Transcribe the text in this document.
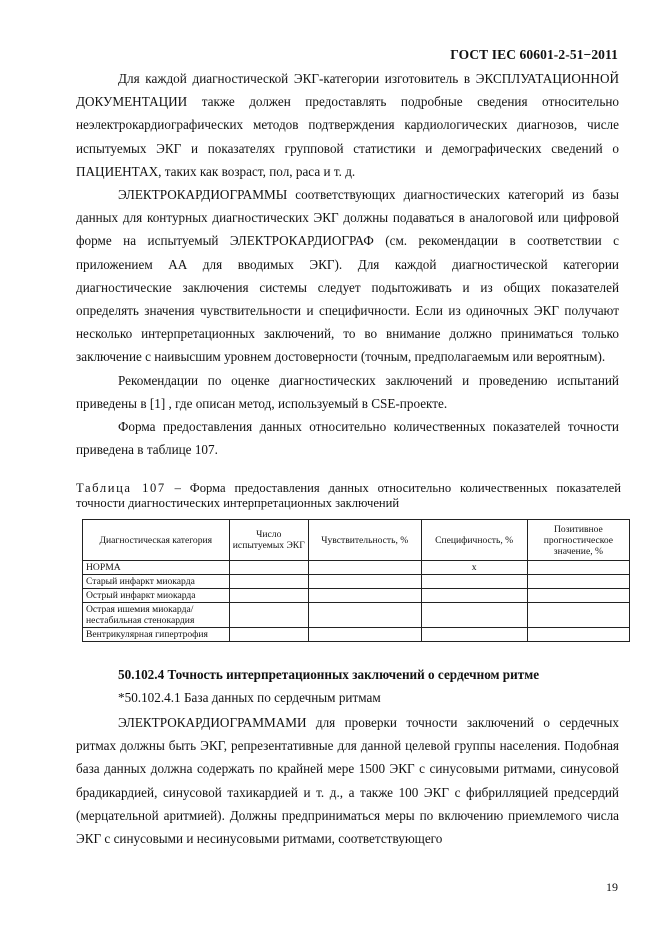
ГОСТ IEC 60601-2-51−2011

Для каждой диагностической ЭКГ-категории изготовитель в ЭКСПЛУАТАЦИОННОЙ ДОКУМЕНТАЦИИ также должен предоставлять подробные сведения относительно неэлектрокардиографических методов подтверждения кардиологических диагнозов, числе испытуемых ЭКГ и показателях групповой статистики и демографических сведений о ПАЦИЕНТАХ, таких как возраст, пол, раса и т. д.

ЭЛЕКТРОКАРДИОГРАММЫ соответствующих диагностических категорий из базы данных для контурных диагностических ЭКГ должны подаваться в аналоговой или цифровой форме на испытуемый ЭЛЕКТРОКАРДИОГРАФ (см. рекомендации в соответствии с приложением АА для вводимых ЭКГ). Для каждой диагностической категории диагностические заключения системы следует подытоживать и из общих показателей определять значения чувствительности и специфичности. Если из одиночных ЭКГ получают несколько интерпретационных заключений, то во внимание должно приниматься только заключение с наивысшим уровнем достоверности (точным, предполагаемым или вероятным).

Рекомендации по оценке диагностических заключений и проведению испытаний приведены в [1] , где описан метод, используемый в CSE-проекте.

Форма предоставления данных относительно количественных показателей точности приведена в таблице 107.

Таблица 107 – Форма предоставления данных относительно количественных показателей точности диагностических интерпретационных заключений
Диагностическая категория	Число испытуемых ЭКГ	Чувствительность, %	Специфичность, %	Позитивное прогностическое значение, %
НОРМА			x	
Старый инфаркт миокарда				
Острый инфаркт миокарда				
Острая ишемия миокарда/ нестабильная стенокардия				
Вентрикулярная гипертрофия				
50.102.4 Точность интерпретационных заключений о сердечном ритме
*50.102.4.1 База данных по сердечным ритмам

ЭЛЕКТРОКАРДИОГРАММАМИ для проверки точности заключений о сердечных ритмах должны быть ЭКГ, репрезентативные для данной целевой группы населения. Подобная база данных должна содержать по крайней мере 1500 ЭКГ с синусовыми ритмами, синусовой брадикардией, синусовой тахикардией и т. д., а также 100 ЭКГ с фибрилляцией предсердий (мерцательной аритмией). Должны предприниматься меры по включению приемлемого числа ЭКГ с синусовыми и несинусовыми ритмами, соответствующего

19
